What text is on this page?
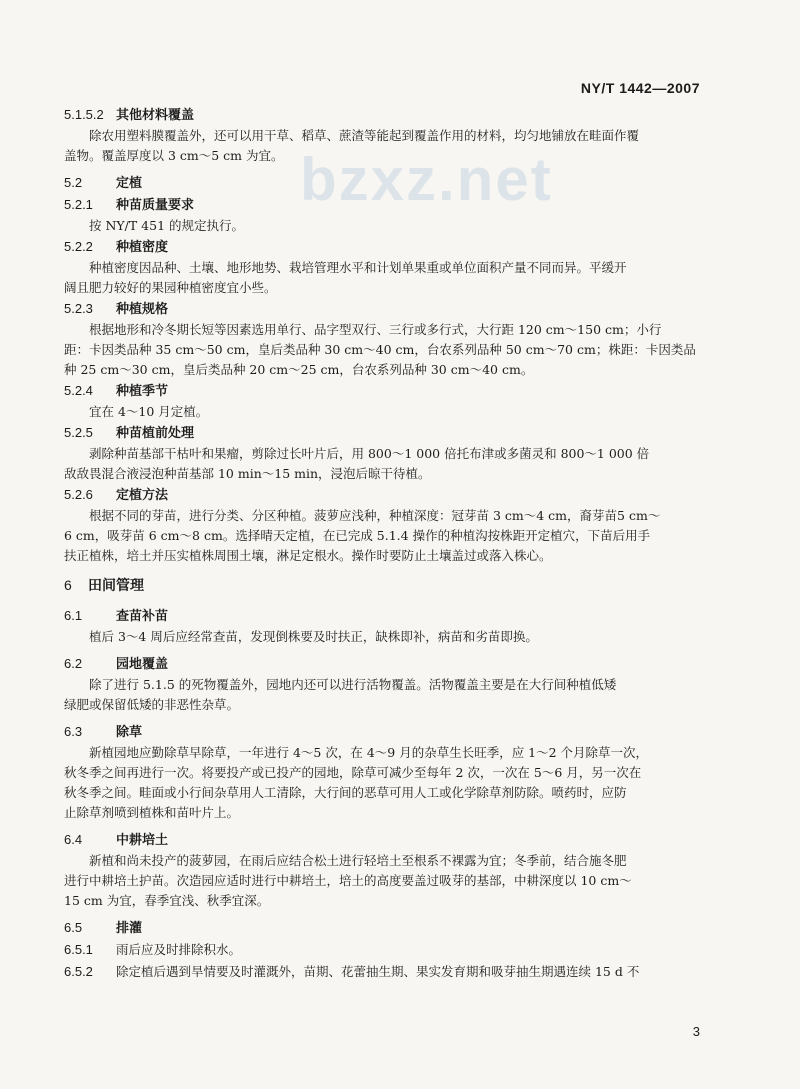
NY/T 1442—2007
bzxz.net
5.1.5.2 其他材料覆盖
除农用塑料膜覆盖外，还可以用干草、稻草、蔗渣等能起到覆盖作用的材料，均匀地铺放在畦面作覆
盖物。覆盖厚度以 3 cm～5 cm 为宜。
5.2	定植
5.2.1 种苗质量要求
按 NY/T 451 的规定执行。
5.2.2 种植密度
种植密度因品种、土壤、地形地势、栽培管理水平和计划单果重或单位面积产量不同而异。平缓开
阔且肥力较好的果园种植密度宜小些。
5.2.3 种植规格
根据地形和冷冬期长短等因素选用单行、品字型双行、三行或多行式，大行距 120 cm～150 cm；小行
距：卡因类品种 35 cm～50 cm，皇后类品种 30 cm～40 cm，台农系列品种 50 cm～70 cm；株距：卡因类品
种 25 cm～30 cm，皇后类品种 20 cm～25 cm，台农系列品种 30 cm～40 cm。
5.2.4 种植季节
宜在 4～10 月定植。
5.2.5 种苗植前处理
剥除种苗基部干枯叶和果瘤，剪除过长叶片后，用 800～1 000 倍托布津或多菌灵和 800～1 000 倍
敌敌畏混合液浸泡种苗基部 10 min～15 min，浸泡后晾干待植。
5.2.6 定植方法
根据不同的芽苗，进行分类、分区种植。菠萝应浅种，种植深度：冠芽苗 3 cm～4 cm，裔芽苗5 cm～
6 cm，吸芽苗 6 cm～8 cm。选择晴天定植，在已完成 5.1.4 操作的种植沟按株距开定植穴，下苗后用手
扶正植株，培土并压实植株周围土壤，淋足定根水。操作时要防止土壤盖过或落入株心。
6 田间管理
6.1	查苗补苗
植后 3～4 周后应经常查苗，发现倒株要及时扶正，缺株即补，病苗和劣苗即换。
6.2	园地覆盖
除了进行 5.1.5 的死物覆盖外，园地内还可以进行活物覆盖。活物覆盖主要是在大行间种植低矮
绿肥或保留低矮的非恶性杂草。
6.3	除草
新植园地应勤除草早除草，一年进行 4～5 次，在 4～9 月的杂草生长旺季，应 1～2 个月除草一次，
秋冬季之间再进行一次。将要投产或已投产的园地，除草可减少至每年 2 次，一次在 5～6 月，另一次在
秋冬季之间。畦面或小行间杂草用人工清除，大行间的恶草可用人工或化学除草剂防除。喷药时，应防
止除草剂喷到植株和苗叶片上。
6.4	中耕培土
新植和尚未投产的菠萝园，在雨后应结合松土进行轻培土至根系不裸露为宜；冬季前，结合施冬肥
进行中耕培土护苗。次造园应适时进行中耕培土，培土的高度要盖过吸芽的基部，中耕深度以 10 cm～
15 cm 为宜，春季宜浅、秋季宜深。
6.5	排灌
6.5.1 雨后应及时排除积水。
6.5.2 除定植后遇到旱情要及时灌溉外，苗期、花蕾抽生期、果实发育期和吸芽抽生期遇连续 15 d 不
3
